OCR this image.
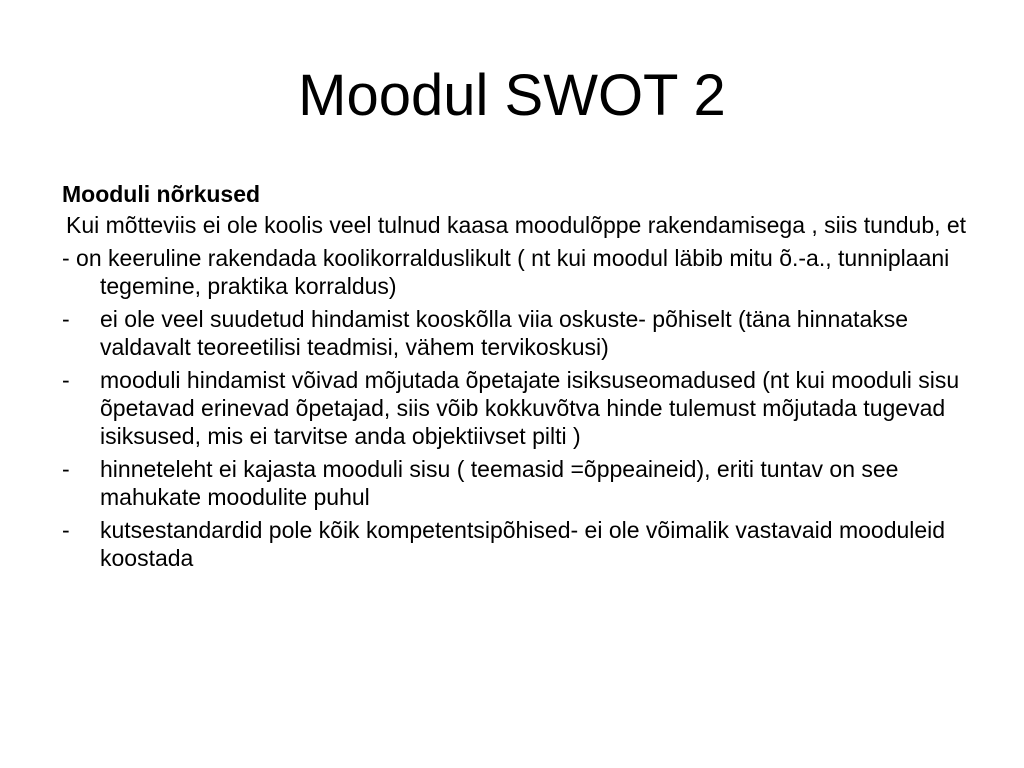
Moodul SWOT 2
Mooduli nõrkused
Kui mõtteviis ei ole koolis veel tulnud kaasa moodulõppe rakendamisega , siis tundub, et
- on keeruline rakendada koolikorralduslikult ( nt kui moodul läbib mitu õ.-a., tunniplaani tegemine, praktika korraldus)
- ei ole veel suudetud hindamist kooskõlla viia oskuste- põhiselt (täna hinnatakse valdavalt teoreetilisi teadmisi, vähem tervikoskusi)
- mooduli hindamist võivad mõjutada õpetajate isiksuseomadused (nt kui mooduli sisu õpetavad erinevad õpetajad, siis võib kokkuvõtva hinde tulemust mõjutada tugevad isiksused, mis ei tarvitse anda objektiivset pilti )
- hinneteleht ei kajasta mooduli sisu ( teemasid =õppeaineid), eriti tuntav on see mahukate moodulite puhul
- kutsestandardid pole kõik kompetentsipõhised- ei ole võimalik vastavaid mooduleid koostada
